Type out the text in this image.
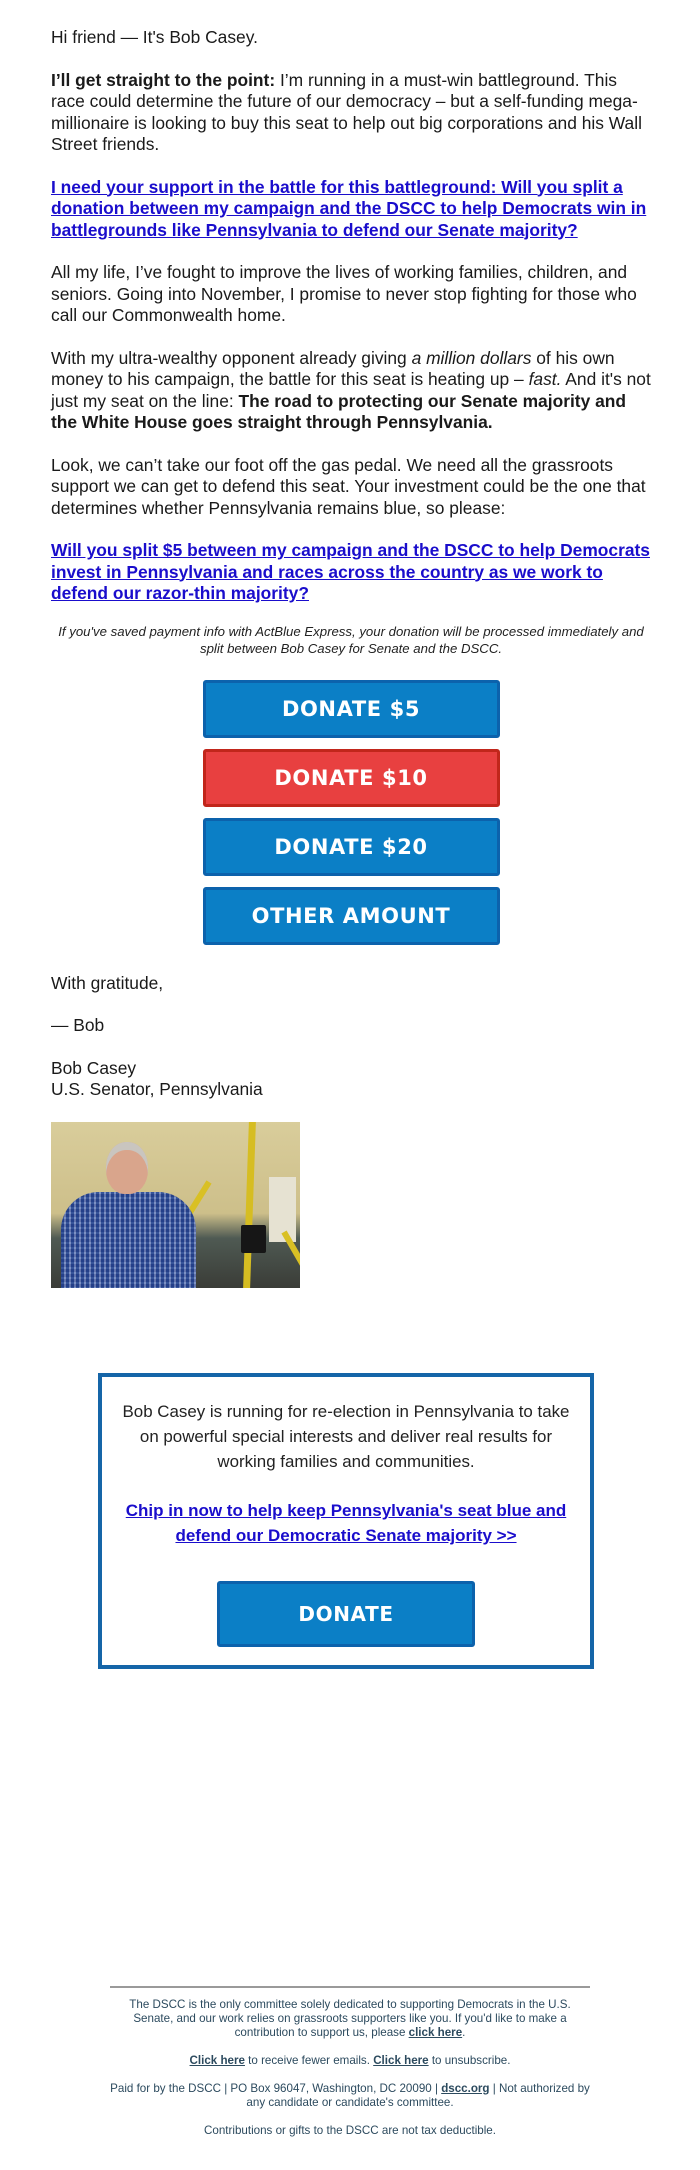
Hi friend — It's Bob Casey.

I’ll get straight to the point: I’m running in a must-win battleground. This race could determine the future of our democracy – but a self-funding mega-millionaire is looking to buy this seat to help out big corporations and his Wall Street friends.

I need your support in the battle for this battleground: Will you split a donation between my campaign and the DSCC to help Democrats win in battlegrounds like Pennsylvania to defend our Senate majority?

All my life, I’ve fought to improve the lives of working families, children, and seniors. Going into November, I promise to never stop fighting for those who call our Commonwealth home.

With my ultra-wealthy opponent already giving a million dollars of his own money to his campaign, the battle for this seat is heating up – fast. And it's not just my seat on the line: The road to protecting our Senate majority and the White House goes straight through Pennsylvania.

Look, we can’t take our foot off the gas pedal. We need all the grassroots support we can get to defend this seat. Your investment could be the one that determines whether Pennsylvania remains blue, so please:

Will you split $5 between my campaign and the DSCC to help Democrats invest in Pennsylvania and races across the country as we work to defend our razor-thin majority?

If you've saved payment info with ActBlue Express, your donation will be processed immediately and split between Bob Casey for Senate and the DSCC.

DONATE $5
DONATE $10
DONATE $20
OTHER AMOUNT

With gratitude,

— Bob

Bob Casey

U.S. Senator, Pennsylvania

Bob Casey is running for re-election in Pennsylvania to take on powerful special interests and deliver real results for working families and communities.

Chip in now to help keep Pennsylvania's seat blue and defend our Democratic Senate majority >>
DONATE

The DSCC is the only committee solely dedicated to supporting Democrats in the U.S. Senate, and our work relies on grassroots supporters like you. If you'd like to make a contribution to support us, please click here.

Click here to receive fewer emails. Click here to unsubscribe.

Paid for by the DSCC | PO Box 96047, Washington, DC 20090 | dscc.org | Not authorized by any candidate or candidate's committee.

Contributions or gifts to the DSCC are not tax deductible.
